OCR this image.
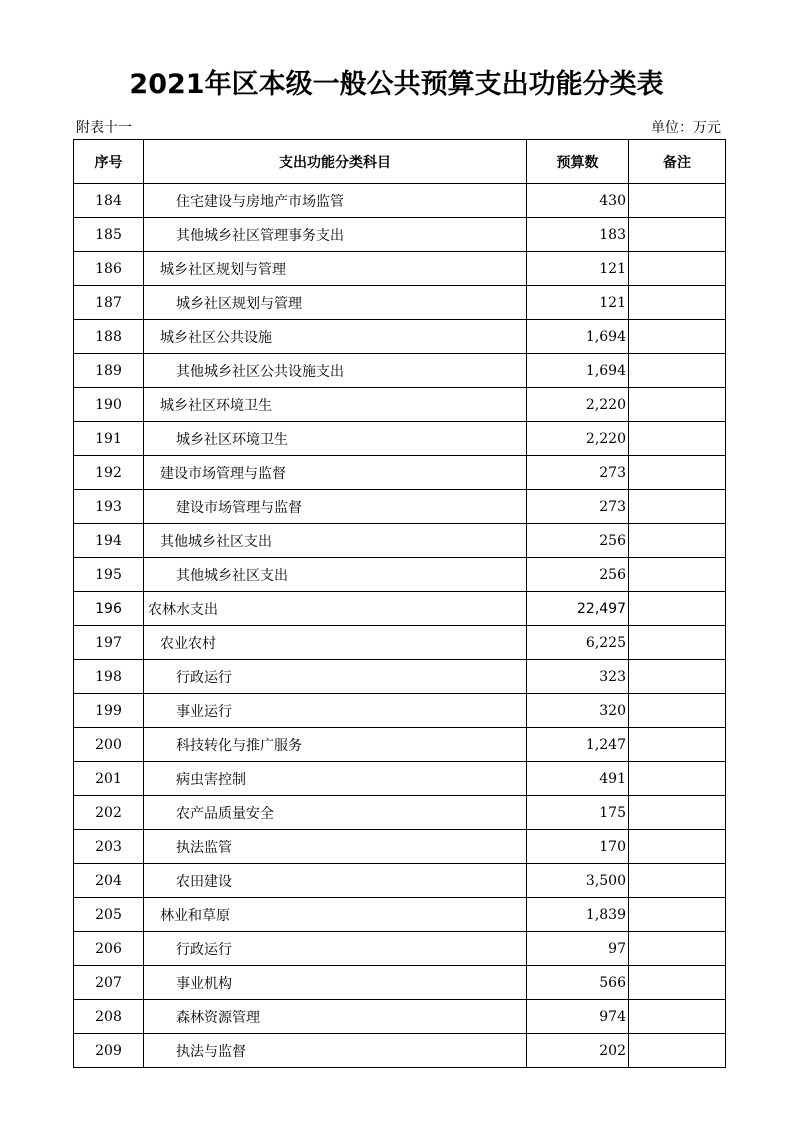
2021年区本级一般公共预算支出功能分类表
附表十一	单位：万元
序号	支出功能分类科目	预算数	备注
184	住宅建设与房地产市场监管	430	
185	其他城乡社区管理事务支出	183	
186	城乡社区规划与管理	121	
187	城乡社区规划与管理	121	
188	城乡社区公共设施	1,694	
189	其他城乡社区公共设施支出	1,694	
190	城乡社区环境卫生	2,220	
191	城乡社区环境卫生	2,220	
192	建设市场管理与监督	273	
193	建设市场管理与监督	273	
194	其他城乡社区支出	256	
195	其他城乡社区支出	256	
196	农林水支出	22,497	
197	农业农村	6,225	
198	行政运行	323	
199	事业运行	320	
200	科技转化与推广服务	1,247	
201	病虫害控制	491	
202	农产品质量安全	175	
203	执法监管	170	
204	农田建设	3,500	
205	林业和草原	1,839	
206	行政运行	97	
207	事业机构	566	
208	森林资源管理	974	
209	执法与监督	202	
